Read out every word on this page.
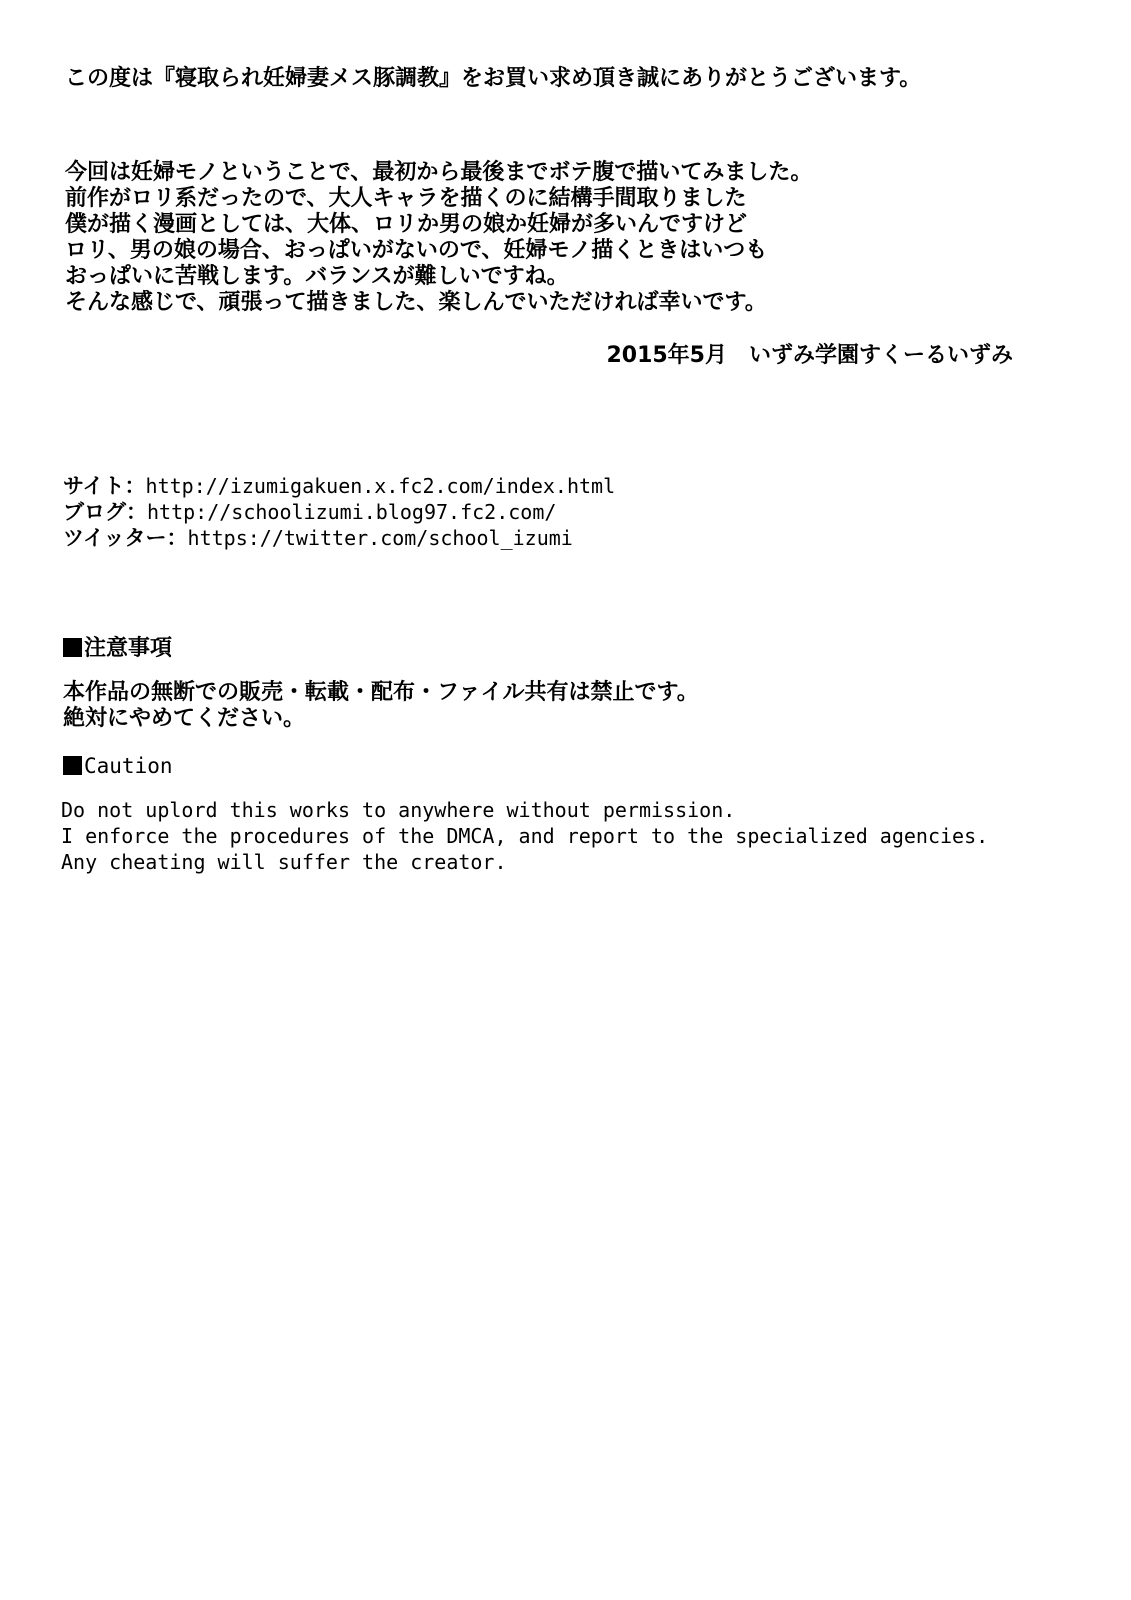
この度は『寝取られ妊婦妻メス豚調教』をお買い求め頂き誠にありがとうございます。
今回は妊婦モノということで、最初から最後までボテ腹で描いてみました。
前作がロリ系だったので、大人キャラを描くのに結構手間取りました
僕が描く漫画としては、大体、ロリか男の娘か妊婦が多いんですけど
ロリ、男の娘の場合、おっぱいがないので、妊婦モノ描くときはいつも
おっぱいに苦戦します。バランスが難しいですね。
そんな感じで、頑張って描きました、楽しんでいただければ幸いです。
2015年5月　いずみ学園すくーるいずみ
サイト：http://izumigakuen.x.fc2.com/index.html
ブログ：http://schoolizumi.blog97.fc2.com/
ツイッター：https://twitter.com/school_izumi
注意事項
本作品の無断での販売・転載・配布・ファイル共有は禁止です。
絶対にやめてください。
Caution
Do not uplord this works to anywhere without permission.
I enforce the procedures of the DMCA, and report to the specialized agencies.
Any cheating will suffer the creator.
